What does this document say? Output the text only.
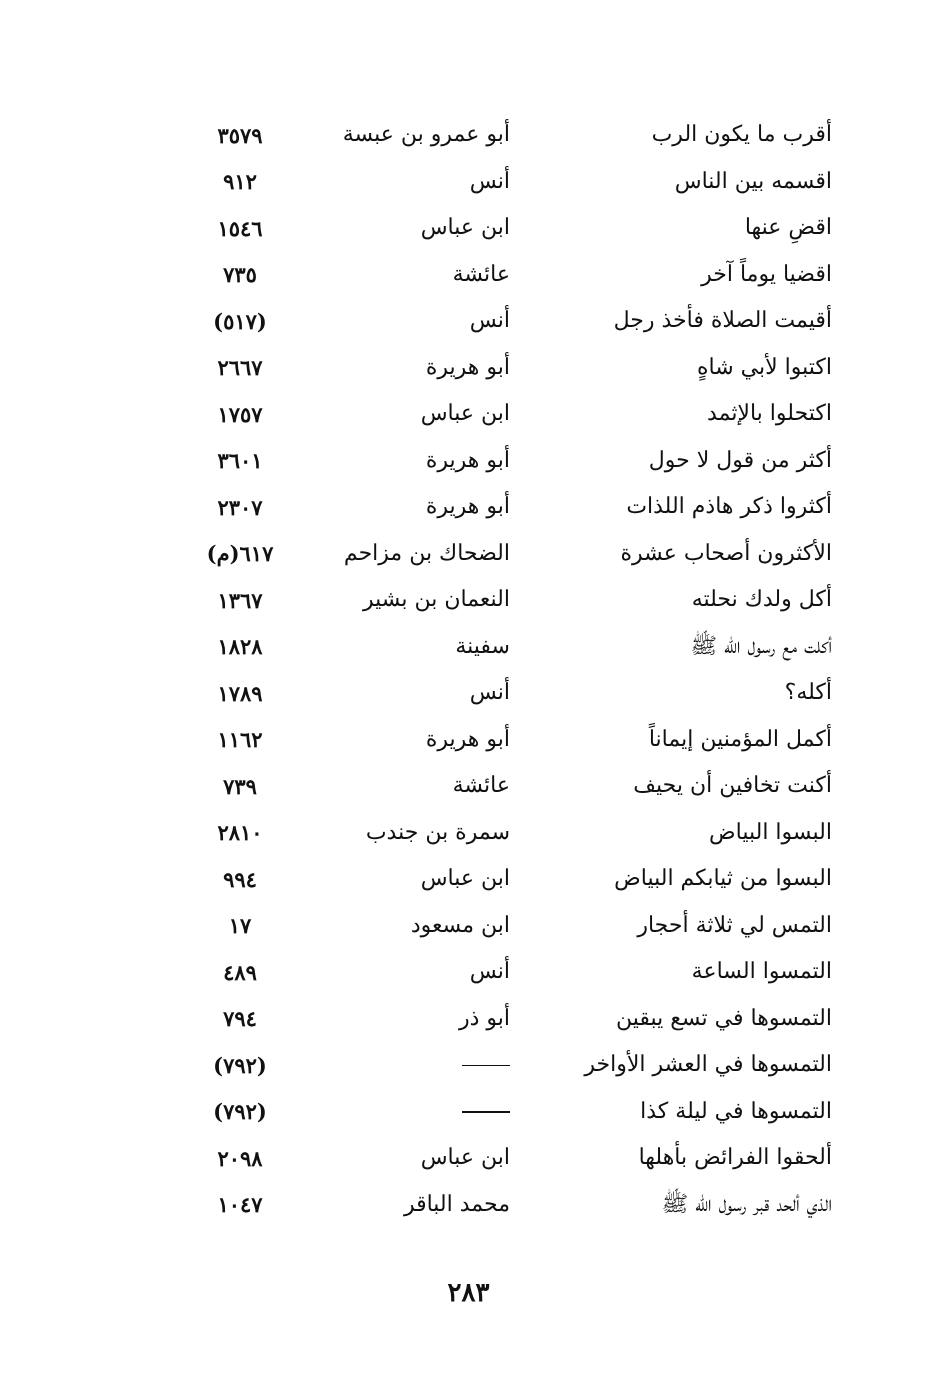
أقرب ما يكون الرب
أبو عمرو بن عبسة
٣٥٧٩
اقسمه بين الناس
أنس
٩١٢
اقضِ عنها
ابن عباس
١٥٤٦
اقضيا يوماً آخر
عائشة
٧٣٥
أقيمت الصلاة فأخذ رجل
أنس
(٥١٧)
اكتبوا لأبي شاهٍ
أبو هريرة
٢٦٦٧
اكتحلوا بالإثمد
ابن عباس
١٧٥٧
أكثر من قول لا حول
أبو هريرة
٣٦٠١
أكثروا ذكر هاذم اللذات
أبو هريرة
٢٣٠٧
الأكثرون أصحاب عشرة
الضحاك بن مزاحم
٦١٧(م)
أكل ولدك نحلته
النعمان بن بشير
١٣٦٧
أكلت مع رسول الله ﷺ
سفينة
١٨٢٨
أكله؟
أنس
١٧٨٩
أكمل المؤمنين إيماناً
أبو هريرة
١١٦٢
أكنت تخافين أن يحيف
عائشة
٧٣٩
البسوا البياض
سمرة بن جندب
٢٨١٠
البسوا من ثيابكم البياض
ابن عباس
٩٩٤
التمس لي ثلاثة أحجار
ابن مسعود
١٧
التمسوا الساعة
أنس
٤٨٩
التمسوها في تسع يبقين
أبو ذر
٧٩٤
التمسوها في العشر الأواخر
(٧٩٢)
التمسوها في ليلة كذا
(٧٩٢)
ألحقوا الفرائض بأهلها
ابن عباس
٢٠٩٨
الذي ألحد قبر رسول الله ﷺ
محمد الباقر
١٠٤٧
٢٨٣
